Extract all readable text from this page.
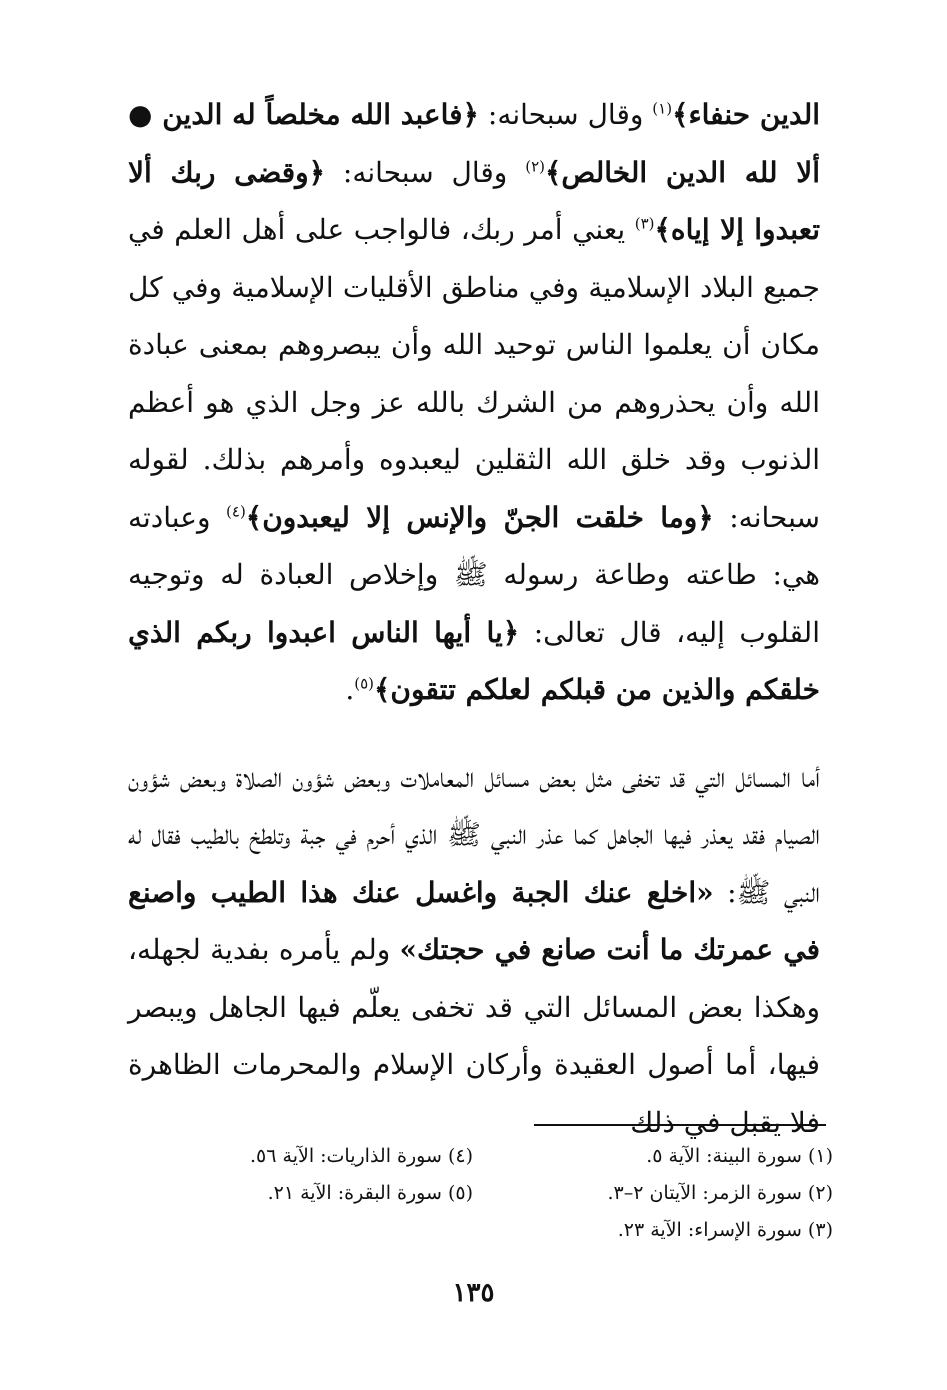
الدين حنفاء﴾$^{(١)}$ وقال سبحانه: ﴿فاعبد الله مخلصاً له الدين ● ألا لله الدين الخالص﴾$^{(٢)}$ وقال سبحانه: ﴿وقضى ربك ألا تعبدوا إلا إياه﴾$^{(٣)}$ يعني أمر ربك، فالواجب على أهل العلم في جميع البلاد الإسلامية وفي مناطق الأقليات الإسلامية وفي كل مكان أن يعلموا الناس توحيد الله وأن يبصروهم بمعنى عبادة الله وأن يحذروهم من الشرك بالله عز وجل الذي هو أعظم الذنوب وقد خلق الله الثقلين ليعبدوه وأمرهم بذلك. لقوله سبحانه: ﴿وما خلقت الجنّ والإنس إلا ليعبدون﴾$^{(٤)}$ وعبادته هي: طاعته وطاعة رسوله ﷺ وإخلاص العبادة له وتوجيه القلوب إليه، قال تعالى: ﴿يا أيها الناس اعبدوا ربكم الذي خلقكم والذين من قبلكم لعلكم تتقون﴾$^{(٥)}$.

أما المسائل التي قد تخفى مثل بعض مسائل المعاملات وبعض شؤون الصلاة وبعض شؤون الصيام فقد يعذر فيها الجاهل كما عذر النبي ﷺ الذي أحرم في جبة وتلطخ بالطيب فقال له النبي ﷺ: «اخلع عنك الجبة واغسل عنك هذا الطيب واصنع في عمرتك ما أنت صانع في حجتك» ولم يأمره بفدية لجهله، وهكذا بعض المسائل التي قد تخفى يعلّم فيها الجاهل ويبصر فيها، أما أصول العقيدة وأركان الإسلام والمحرمات الظاهرة فلا يقبل في ذلك

(١) سورة البينة: الآية ٥.
(٢) سورة الزمر: الآيتان ٢–٣.
(٣) سورة الإسراء: الآية ٢٣.
(٤) سورة الذاريات: الآية ٥٦.
(٥) سورة البقرة: الآية ٢١.
١٣٥
